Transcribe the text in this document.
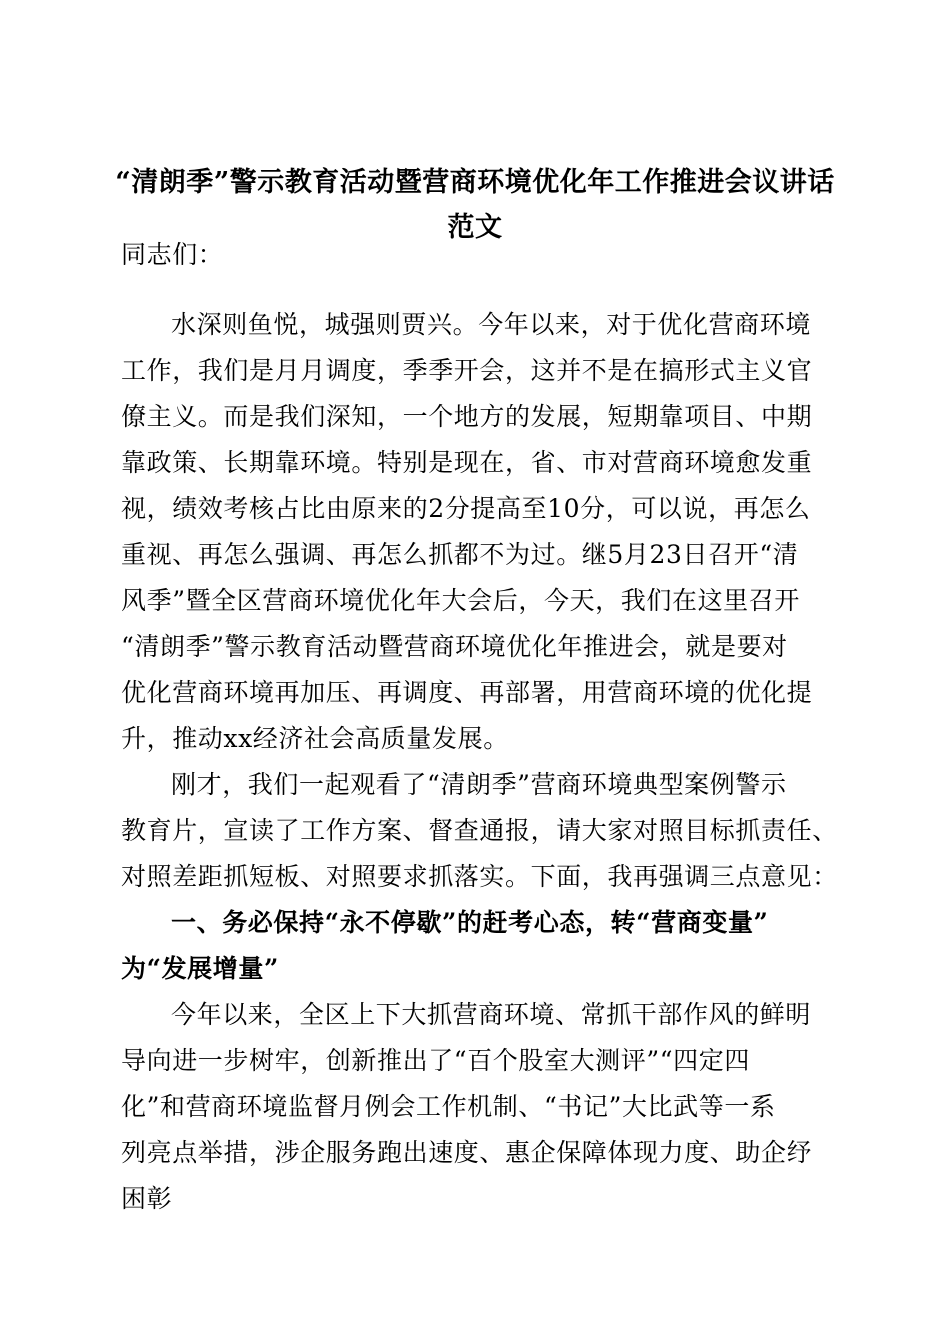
“清朗季”警示教育活动暨营商环境优化年工作推进会议讲话
范文
同志们：
水深则鱼悦，城强则贾兴。今年以来，对于优化营商环境
工作，我们是月月调度，季季开会，这并不是在搞形式主义官
僚主义。而是我们深知，一个地方的发展，短期靠项目、中期
靠政策、长期靠环境。特别是现在，省、市对营商环境愈发重
视，绩效考核占比由原来的2分提高至10分，可以说，再怎么
重视、再怎么强调、再怎么抓都不为过。继5月23日召开“清
风季”暨全区营商环境优化年大会后，今天，我们在这里召开
“清朗季”警示教育活动暨营商环境优化年推进会，就是要对
优化营商环境再加压、再调度、再部署，用营商环境的优化提
升，推动xx经济社会高质量发展。
刚才，我们一起观看了“清朗季”营商环境典型案例警示
教育片，宣读了工作方案、督查通报，请大家对照目标抓责任、
对照差距抓短板、对照要求抓落实。下面，我再强调三点意见：
一、务必保持“永不停歇”的赶考心态，转“营商变量”
为“发展增量”
今年以来，全区上下大抓营商环境、常抓干部作风的鲜明
导向进一步树牢，创新推出了“百个股室大测评”“四定四
化”和营商环境监督月例会工作机制、“书记”大比武等一系
列亮点举措，涉企服务跑出速度、惠企保障体现力度、助企纾
困彰
